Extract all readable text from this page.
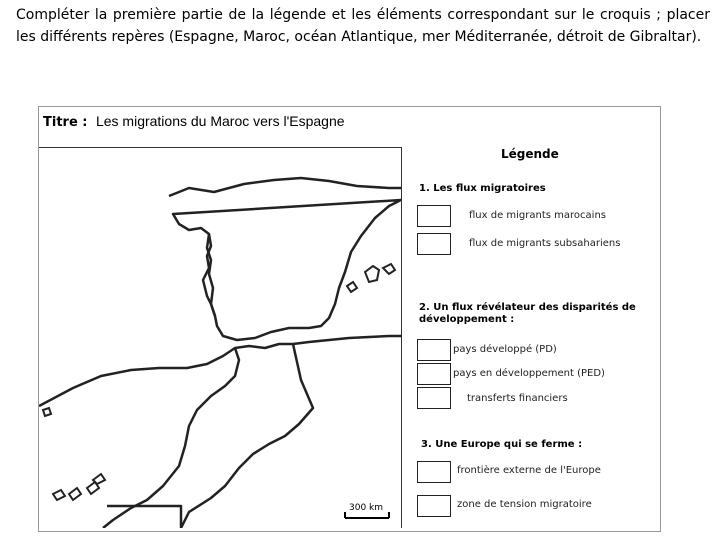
Compléter la première partie de la légende et les éléments correspondant sur le croquis ; placer les différents repères (Espagne, Maroc, océan Atlantique, mer Méditerranée, détroit de Gibraltar).
Titre : Les migrations du Maroc vers l'Espagne
300 km
Légende
1. Les flux migratoires
flux de migrants marocains
flux de migrants subsahariens
2. Un flux révélateur des disparités de développement :
pays développé (PD)
pays en développement (PED)
transferts financiers
3. Une Europe qui se ferme :
frontière externe de l'Europe
zone de tension migratoire
